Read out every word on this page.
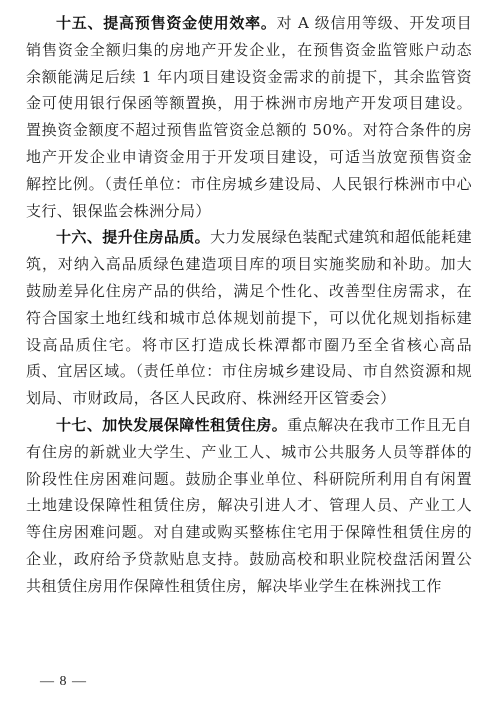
十五、提高预售资金使用效率。对 A 级信用等级、开发项目销售资金全额归集的房地产开发企业，在预售资金监管账户动态余额能满足后续 1 年内项目建设资金需求的前提下，其余监管资金可使用银行保函等额置换，用于株洲市房地产开发项目建设。置换资金额度不超过预售监管资金总额的 50%。对符合条件的房地产开发企业申请资金用于开发项目建设，可适当放宽预售资金解控比例。（责任单位：市住房城乡建设局、人民银行株洲市中心支行、银保监会株洲分局）

十六、提升住房品质。大力发展绿色装配式建筑和超低能耗建筑，对纳入高品质绿色建造项目库的项目实施奖励和补助。加大鼓励差异化住房产品的供给，满足个性化、改善型住房需求，在符合国家土地红线和城市总体规划前提下，可以优化规划指标建设高品质住宅。将市区打造成长株潭都市圈乃至全省核心高品质、宜居区域。（责任单位：市住房城乡建设局、市自然资源和规划局、市财政局，各区人民政府、株洲经开区管委会）

十七、加快发展保障性租赁住房。重点解决在我市工作且无自有住房的新就业大学生、产业工人、城市公共服务人员等群体的阶段性住房困难问题。鼓励企事业单位、科研院所利用自有闲置土地建设保障性租赁住房，解决引进人才、管理人员、产业工人等住房困难问题。对自建或购买整栋住宅用于保障性租赁住房的企业，政府给予贷款贴息支持。鼓励高校和职业院校盘活闲置公共租赁住房用作保障性租赁住房，解决毕业学生在株洲找工作

— 8 —
